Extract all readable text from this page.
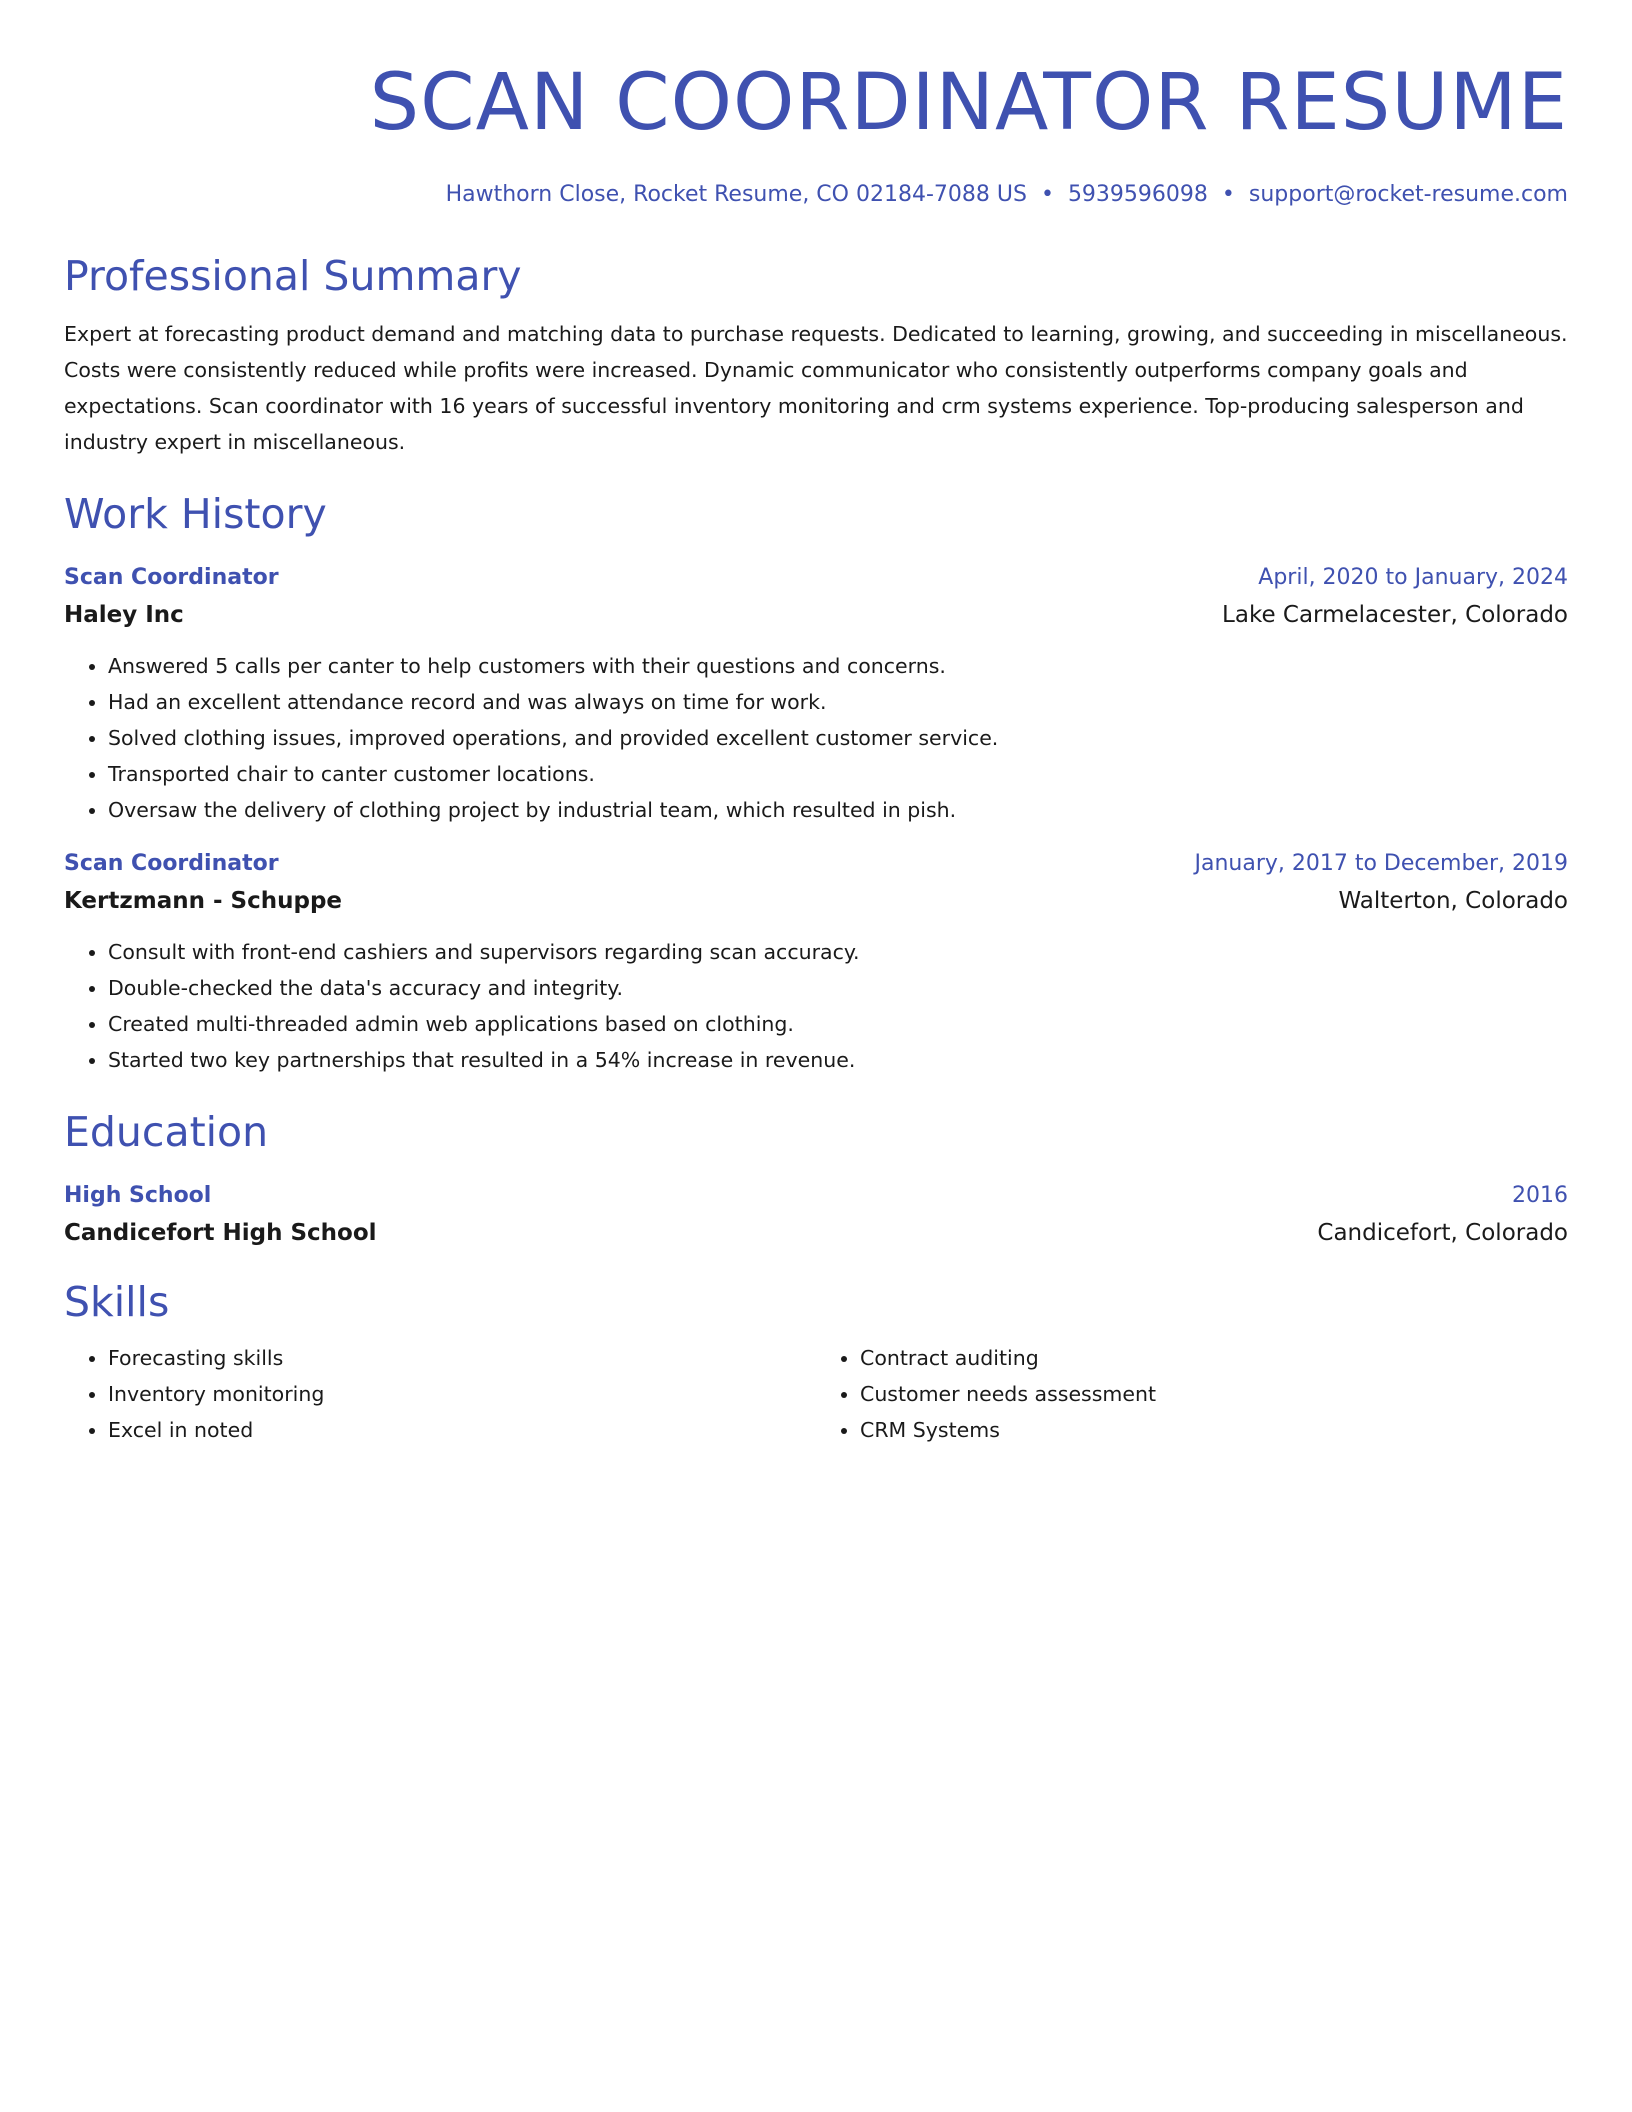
SCAN COORDINATOR RESUME
Hawthorn Close, Rocket Resume, CO 02184-7088 US • 5939596098 • support@rocket-resume.com
Professional Summary

Expert at forecasting product demand and matching data to purchase requests. Dedicated to learning, growing, and succeeding in miscellaneous. Costs were consistently reduced while profits were increased. Dynamic communicator who consistently outperforms company goals and expectations. Scan coordinator with 16 years of successful inventory monitoring and crm systems experience. Top-producing salesperson and industry expert in miscellaneous.

Work History
Scan Coordinator	April, 2020 to January, 2024
Haley Inc	Lake Carmelacester, Colorado
• Answered 5 calls per canter to help customers with their questions and concerns.
• Had an excellent attendance record and was always on time for work.
• Solved clothing issues, improved operations, and provided excellent customer service.
• Transported chair to canter customer locations.
• Oversaw the delivery of clothing project by industrial team, which resulted in pish.
Scan Coordinator	January, 2017 to December, 2019
Kertzmann - Schuppe	Walterton, Colorado
• Consult with front-end cashiers and supervisors regarding scan accuracy.
• Double-checked the data's accuracy and integrity.
• Created multi-threaded admin web applications based on clothing.
• Started two key partnerships that resulted in a 54% increase in revenue.
Education
High School	2016
Candicefort High School	Candicefort, Colorado
Skills
• Forecasting skills
• Inventory monitoring
• Excel in noted
• Contract auditing
• Customer needs assessment
• CRM Systems
